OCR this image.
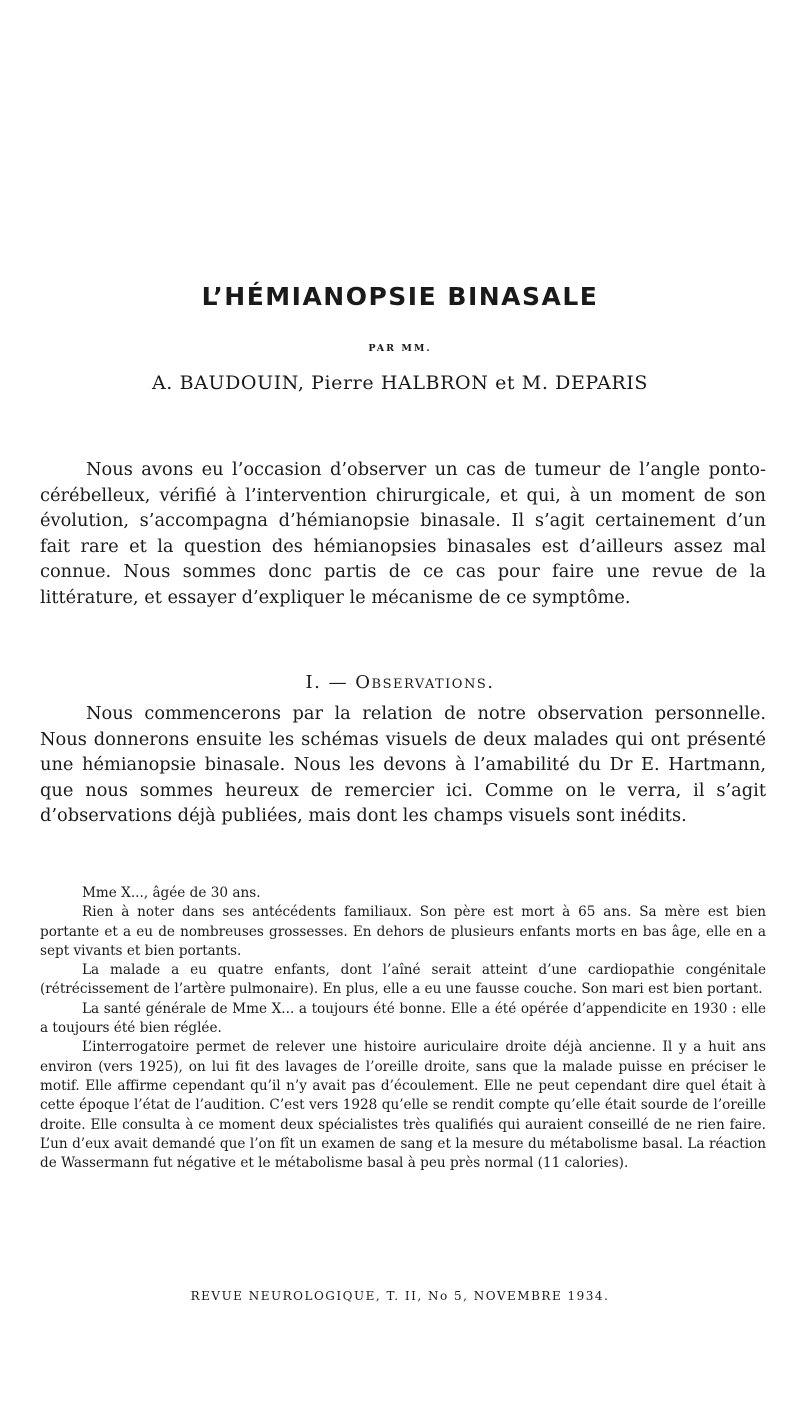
L’HÉMIANOPSIE BINASALE
PAR MM.
A. BAUDOUIN, Pierre HALBRON et M. DEPARIS

Nous avons eu l’occasion d’observer un cas de tumeur de l’angle ponto-cérébelleux, vérifié à l’intervention chirurgicale, et qui, à un moment de son évolution, s’accompagna d’hémianopsie binasale. Il s’agit certainement d’un fait rare et la question des hémianopsies binasales est d’ailleurs assez mal connue. Nous sommes donc partis de ce cas pour faire une revue de la littérature, et essayer d’expliquer le mécanisme de ce symptôme.

I. — Observations.

Nous commencerons par la relation de notre observation personnelle. Nous donnerons ensuite les schémas visuels de deux malades qui ont présenté une hémianopsie binasale. Nous les devons à l’amabilité du Dr E. Hartmann, que nous sommes heureux de remercier ici. Comme on le verra, il s’agit d’observations déjà publiées, mais dont les champs visuels sont inédits.

Mme X..., âgée de 30 ans.

Rien à noter dans ses antécédents familiaux. Son père est mort à 65 ans. Sa mère est bien portante et a eu de nombreuses grossesses. En dehors de plusieurs enfants morts en bas âge, elle en a sept vivants et bien portants.

La malade a eu quatre enfants, dont l’aîné serait atteint d’une cardiopathie congénitale (rétrécissement de l’artère pulmonaire). En plus, elle a eu une fausse couche. Son mari est bien portant.

La santé générale de Mme X... a toujours été bonne. Elle a été opérée d’appendicite en 1930 : elle a toujours été bien réglée.

L’interrogatoire permet de relever une histoire auriculaire droite déjà ancienne. Il y a huit ans environ (vers 1925), on lui fit des lavages de l’oreille droite, sans que la malade puisse en préciser le motif. Elle affirme cependant qu’il n’y avait pas d’écoulement. Elle ne peut cependant dire quel était à cette époque l’état de l’audition. C’est vers 1928 qu’elle se rendit compte qu’elle était sourde de l’oreille droite. Elle consulta à ce moment deux spécialistes très qualifiés qui auraient conseillé de ne rien faire. L’un d’eux avait demandé que l’on fît un examen de sang et la mesure du métabolisme basal. La réaction de Wassermann fut négative et le métabolisme basal à peu près normal (11 calories).

REVUE NEUROLOGIQUE, T. II, No 5, NOVEMBRE 1934.
